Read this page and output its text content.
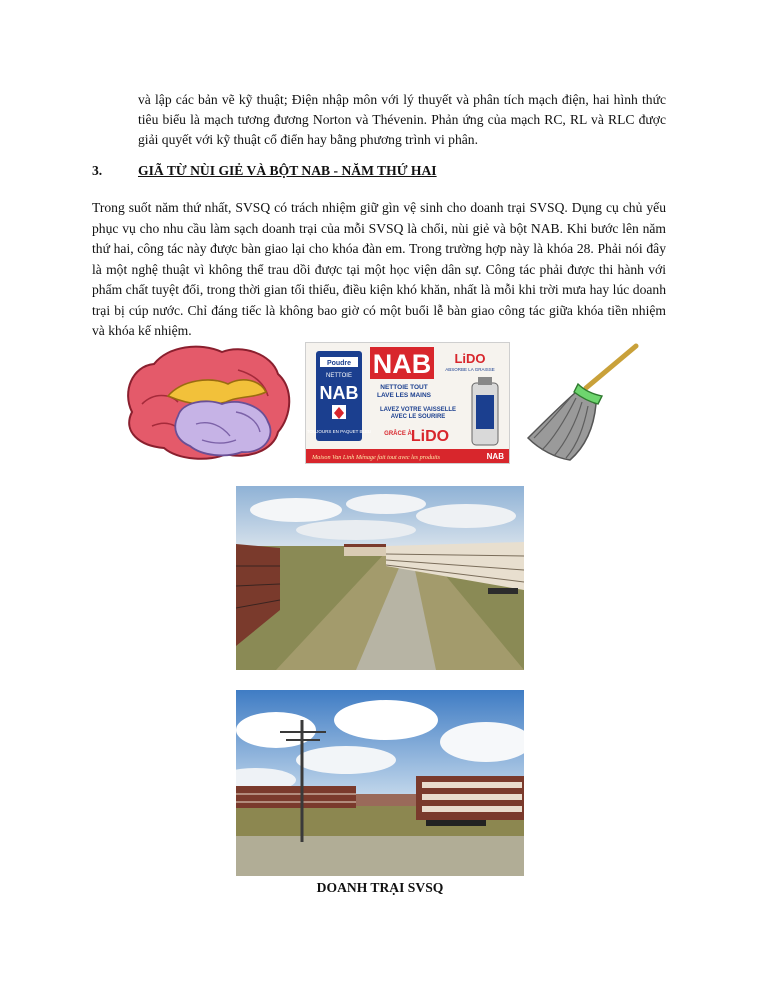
và lập các bản vẽ kỹ thuật; Điện nhập môn với lý thuyết và phân tích mạch điện, hai hình thức tiêu biểu là mạch tương đương Norton và Thévenin. Phản ứng của mạch RC, RL và RLC được giải quyết với kỹ thuật cổ điển hay bằng phương trình vi phân.

3.	GIÃ TỪ NÙI GIẺ VÀ BỘT NAB - NĂM THỨ HAI

Trong suốt năm thứ nhất, SVSQ có trách nhiệm giữ gìn vệ sinh cho doanh trại SVSQ. Dụng cụ chủ yếu phục vụ cho nhu cầu làm sạch doanh trại của mỗi SVSQ là chổi, nùi giẻ và bột NAB. Khi bước lên năm thứ hai, công tác này được bàn giao lại cho khóa đàn em. Trong trường hợp này là khóa 28. Phải nói đây là một nghệ thuật vì không thể trau dồi được tại một học viện dân sự. Công tác phải được thi hành với phẩm chất tuyệt đối, trong thời gian tối thiểu, điều kiện khó khăn, nhất là mỗi khi trời mưa hay lúc doanh trại bị cúp nước. Chỉ đáng tiếc là không bao giờ có một buổi lễ bàn giao công tác giữa khóa tiền nhiệm và khóa kế nhiệm.

Poudre
NETTOIE
NAB
TOUJOURS EN PAQUET BLEU
NAB LiDO
ABSORBE LA GRAISSE
NETTOIE TOUT
LAVE LES MAINS
LAVEZ VOTRE VAISSELLE
AVEC LE SOURIRE
GRÂCE À LiDO
Maison Van Linh Ménage fait tout avec les produits	NAB

DOANH TRẠI SVSQ
